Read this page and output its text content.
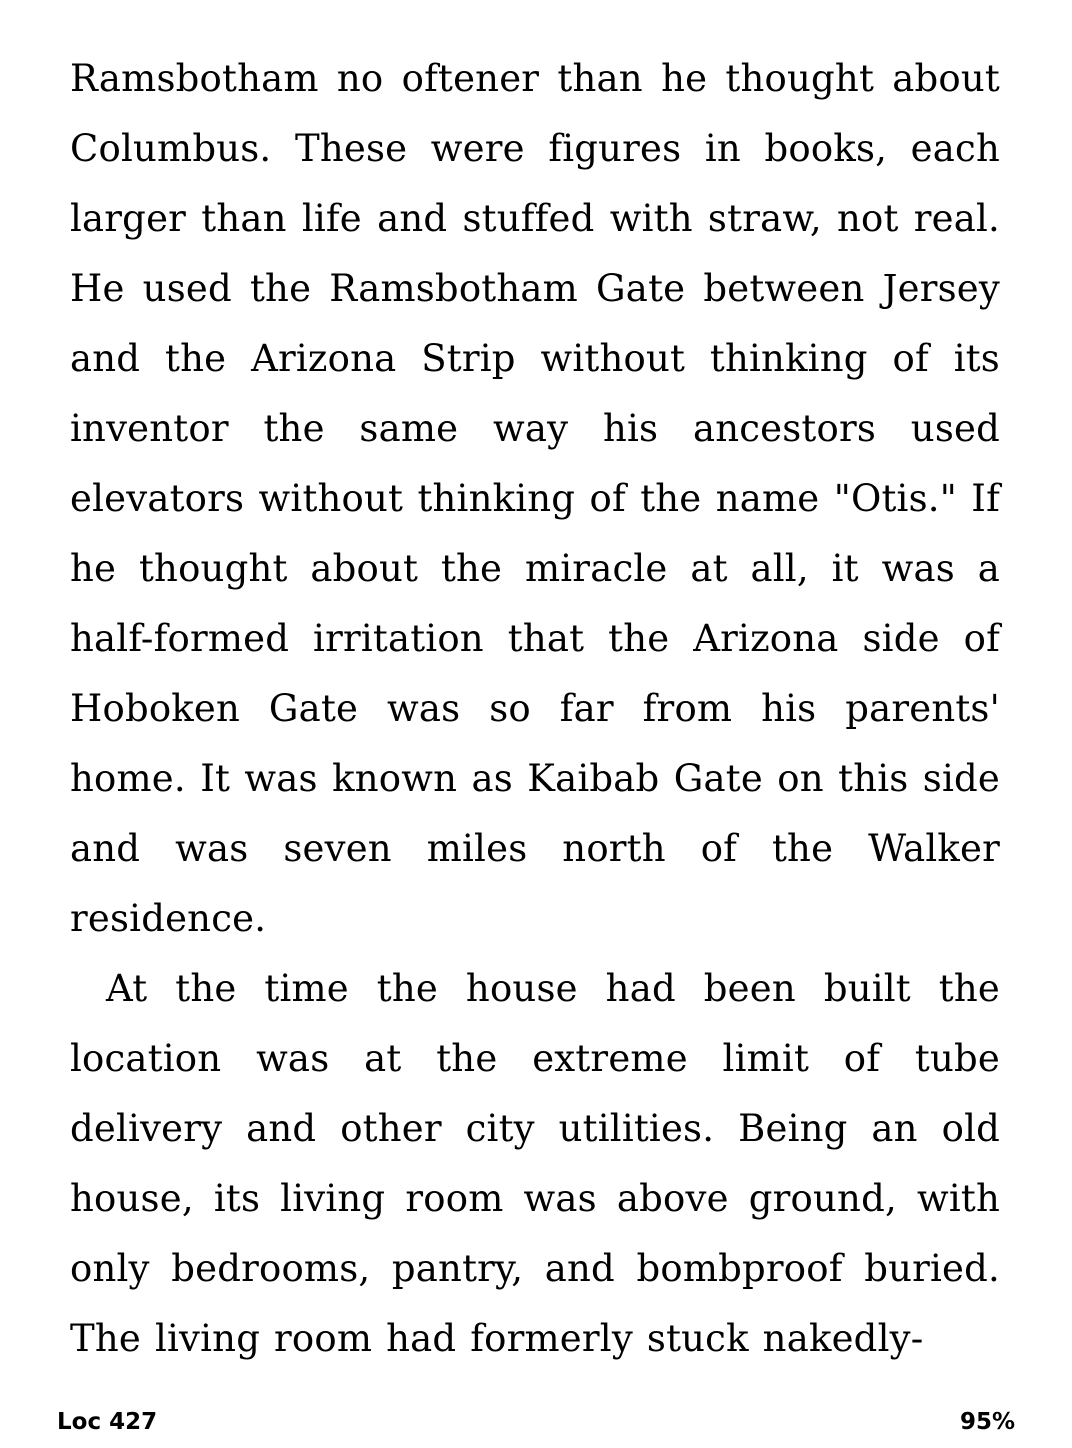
Ramsbotham no oftener than he thought about Columbus. These were figures in books, each larger than life and stuffed with straw, not real. He used the Ramsbotham Gate between Jersey and the Arizona Strip without thinking of its inventor the same way his ancestors used elevators without thinking of the name "Otis." If he thought about the miracle at all, it was a half-formed irritation that the Arizona side of Hoboken Gate was so far from his parents' home. It was known as Kaibab Gate on this side and was seven miles north of the Walker residence.

At the time the house had been built the location was at the extreme limit of tube delivery and other city utilities. Being an old house, its living room was above ground, with only bedrooms, pantry, and bombproof buried. The living room had formerly stuck nakedly-

Loc 427	95%
